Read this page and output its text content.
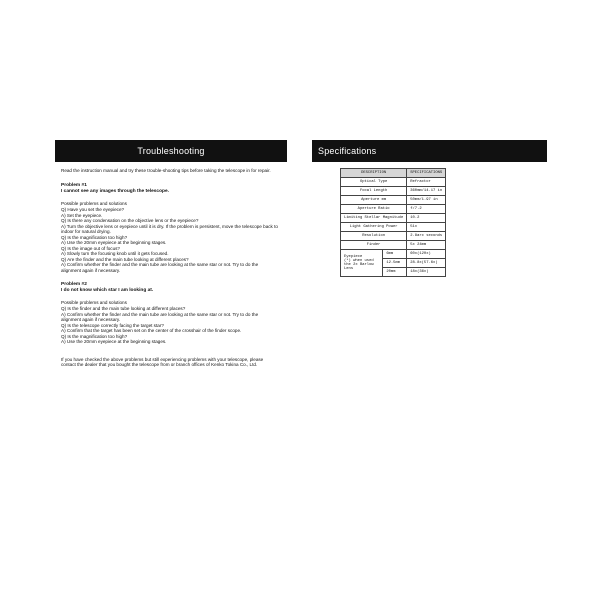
Troubleshooting
Read the instruction manual and try these trouble-shooting tips before taking the telescope in for repair.
Problem #1
I cannot see any images through the telescope.
Possible problems and solutions
Q) Have you set the eyepiece?
A) Set the eyepiece.
Q) Is there any condensation on the objective lens or the eyepiece?
A) Turn the objective lens or eyepiece until it is dry. If the problem is persistent, move the telescope back to
indoor for natural drying.
Q) Is the magnification too high?
A) Use the 20mm eyepiece at the beginning stages.
Q) Is the image out of focus?
A) Slowly turn the focusing knob until it gets focused.
Q) Are the finder and the main tube looking at different places?
A) Confirm whether the finder and the main tube are looking at the same star or not. Try to do the
alignment again if necessary.
Problem #2
I do not know which star I am looking at.
Possible problems and solutions
Q) Is the finder and the main tube looking at different places?
A) Confirm whether the finder and the main tube are looking at the same star or not. Try to do the
alignment again if necessary.
Q) Is the telescope correctly facing the target star?
A) Confirm that the target has been set on the center of the crosshair of the finder scope.
Q) Is the magnification too high?
A) Use the 20mm eyepiece at the beginning stages.
If you have checked the above problems but still experiencing problems with your telescope, please
contact the dealer that you bought the telescope from or branch offices of Kenko Tokina Co., Ltd.
Specifications
DESCRIPTION		SPECIFICATIONS
Optical Type		Refractor
Focal Length		360mm/14.17 in
Aperture mm		50mm/1.97 in
Aperture Ratio		f/7.2
Limiting Stellar Magnitude		10.2
Light Gathering Power		51x
Resolution		2.8arc seconds
Finder		5x 24mm

Eyepiece
(*) when used
the 2x Barlow
Lens	6mm	60x(120x)
	12.5mm	28.8x(57.6x)
	20mm	18x(36x)
